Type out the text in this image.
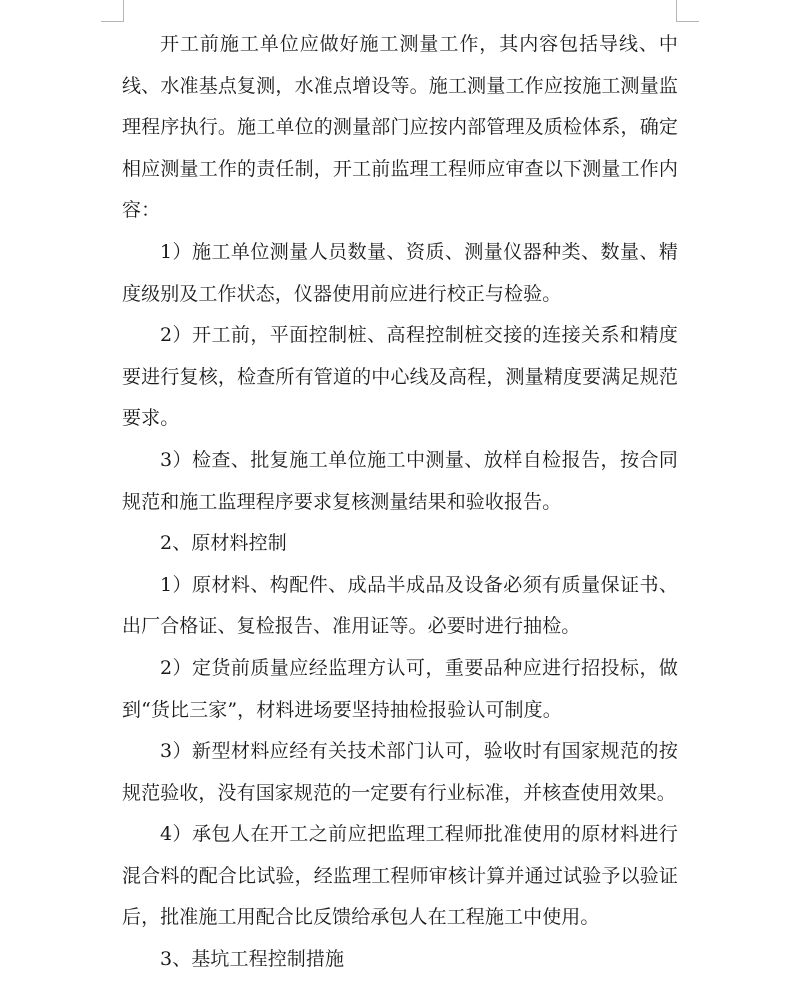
开工前施工单位应做好施工测量工作，其内容包括导线、中线、水准基点复测，水准点增设等。施工测量工作应按施工测量监理程序执行。施工单位的测量部门应按内部管理及质检体系，确定相应测量工作的责任制，开工前监理工程师应审查以下测量工作内容：

1）施工单位测量人员数量、资质、测量仪器种类、数量、精度级别及工作状态，仪器使用前应进行校正与检验。

2）开工前，平面控制桩、高程控制桩交接的连接关系和精度要进行复核，检查所有管道的中心线及高程，测量精度要满足规范要求。

3）检查、批复施工单位施工中测量、放样自检报告，按合同规范和施工监理程序要求复核测量结果和验收报告。

2、原材料控制

1）原材料、构配件、成品半成品及设备必须有质量保证书、出厂合格证、复检报告、准用证等。必要时进行抽检。

2）定货前质量应经监理方认可，重要品种应进行招投标，做到“货比三家”，材料进场要坚持抽检报验认可制度。

3）新型材料应经有关技术部门认可，验收时有国家规范的按规范验收，没有国家规范的一定要有行业标准，并核查使用效果。

4）承包人在开工之前应把监理工程师批准使用的原材料进行混合料的配合比试验，经监理工程师审核计算并通过试验予以验证后，批准施工用配合比反馈给承包人在工程施工中使用。

3、基坑工程控制措施
